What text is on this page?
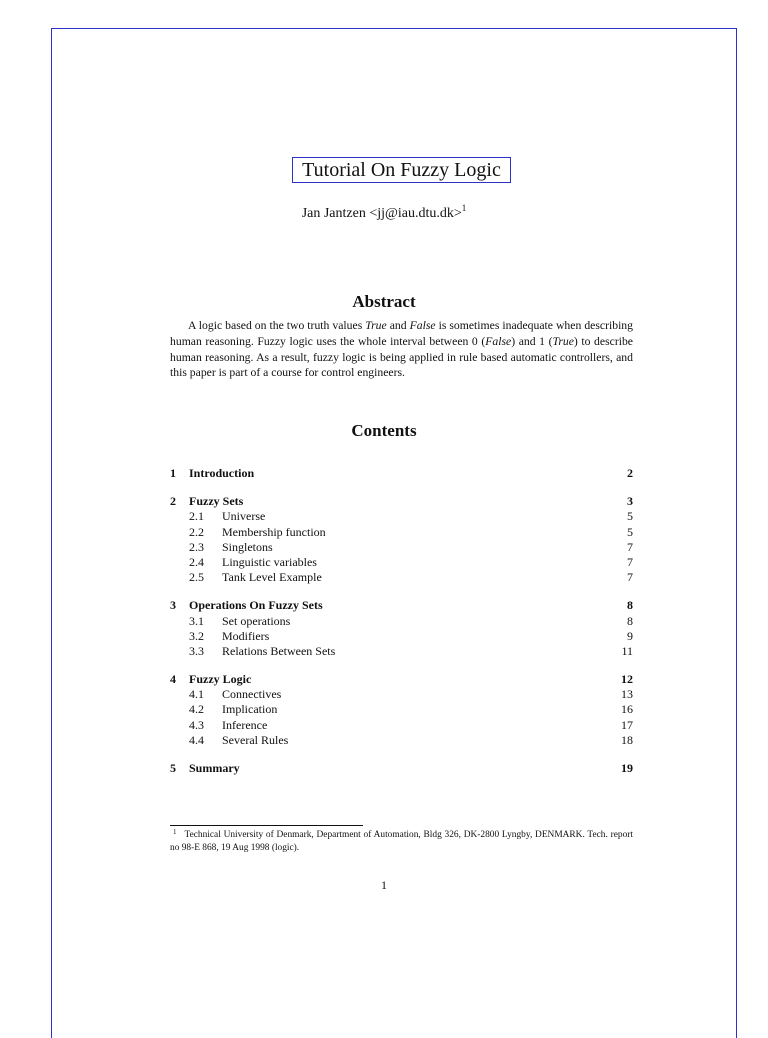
Tutorial On Fuzzy Logic
Jan Jantzen <jj@iau.dtu.dk>$^1$
Abstract
A logic based on the two truth values True and False is sometimes inadequate when describing human reasoning. Fuzzy logic uses the whole interval between 0 (False) and 1 (True) to describe human reasoning. As a result, fuzzy logic is being applied in rule based automatic controllers, and this paper is part of a course for control engineers.
Contents
1	Introduction	2
2	Fuzzy Sets	3
2.1	Universe	5
2.2	Membership function	5
2.3	Singletons	7
2.4	Linguistic variables	7
2.5	Tank Level Example	7
3	Operations On Fuzzy Sets	8
3.1	Set operations	8
3.2	Modifiers	9
3.3	Relations Between Sets	11
4	Fuzzy Logic	12
4.1	Connectives	13
4.2	Implication	16
4.3	Inference	17
4.4	Several Rules	18
5	Summary	19
$^1$ Technical University of Denmark, Department of Automation, Bldg 326, DK-2800 Lyngby, DENMARK. Tech. report no 98-E 868, 19 Aug 1998 (logic).
1
